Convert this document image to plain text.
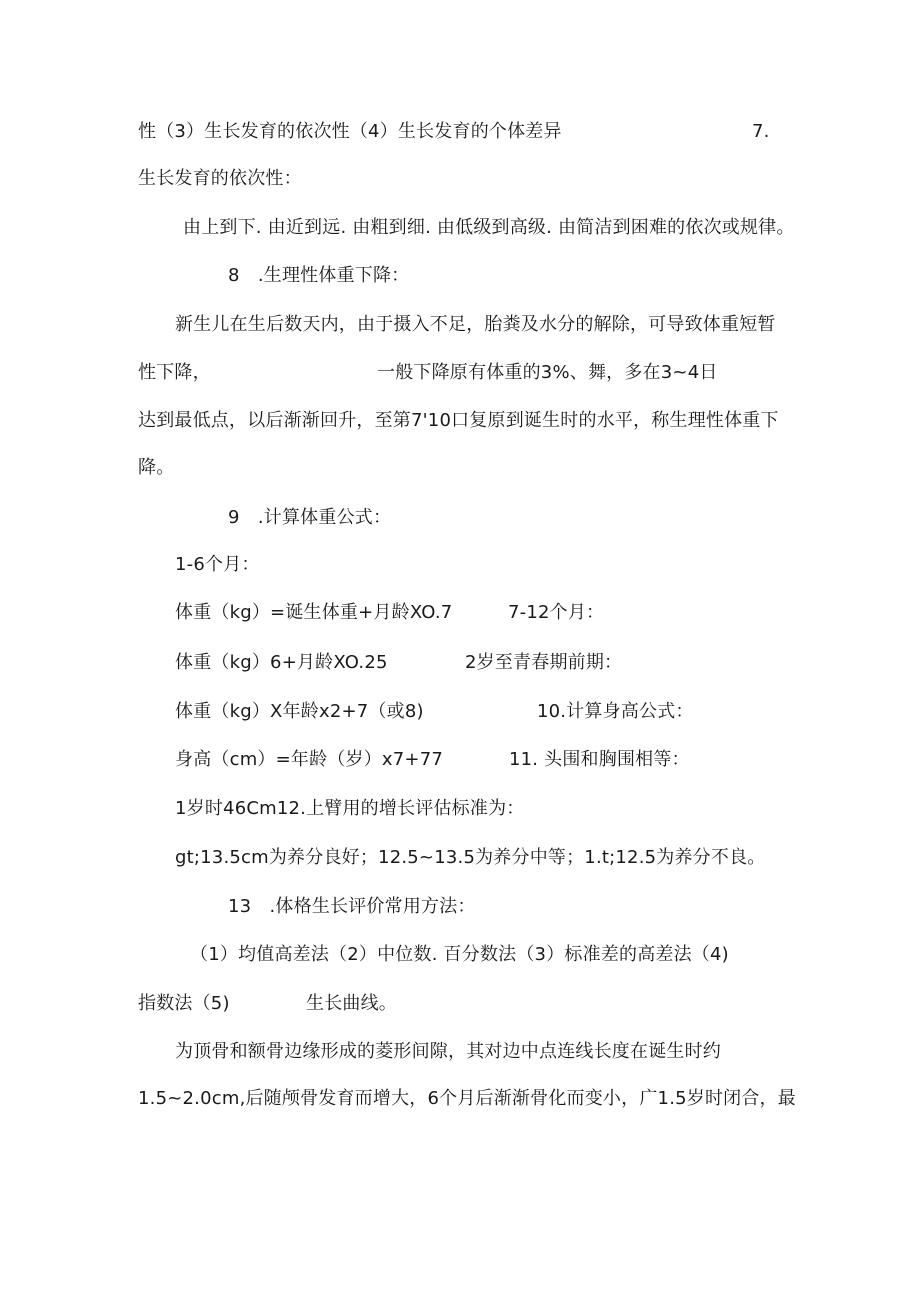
性（3）生长发育的依次性（4）生长发育的个体差异	7.
生长发育的依次性：
由上到下. 由近到远. 由粗到细. 由低级到高级. 由简洁到困难的依次或规律。
8　.生理性体重下降：
新生儿在生后数天内，由于摄入不足，胎粪及水分的解除，可导致体重短暂
性下降，	一般下降原有体重的3%、舞，多在3~4日
达到最低点，以后渐渐回升，至第7'10口复原到诞生时的水平，称生理性体重下
降。
9　.计算体重公式：
1-6个月：
体重（kg）=诞生体重+月龄XO.7	7-12个月：
体重（kg）6+月龄XO.25	2岁至青春期前期：
体重（kg）X年龄x2+7（或8)	10.计算身高公式：
身高（cm）=年龄（岁）x7+77	11. 头围和胸围相等：
1岁时46Cm12.上臂用的增长评估标准为：
gt;13.5cm为养分良好；12.5~13.5为养分中等；1.t;12.5为养分不良。
13　.体格生长评价常用方法：
（1）均值高差法（2）中位数. 百分数法（3）标准差的高差法（4)
指数法（5)	生长曲线。
为顶骨和额骨边缘形成的菱形间隙，其对边中点连线长度在诞生时约
1.5~2.0cm,后随颅骨发育而增大，6个月后渐渐骨化而变小，广1.5岁时闭合，最
